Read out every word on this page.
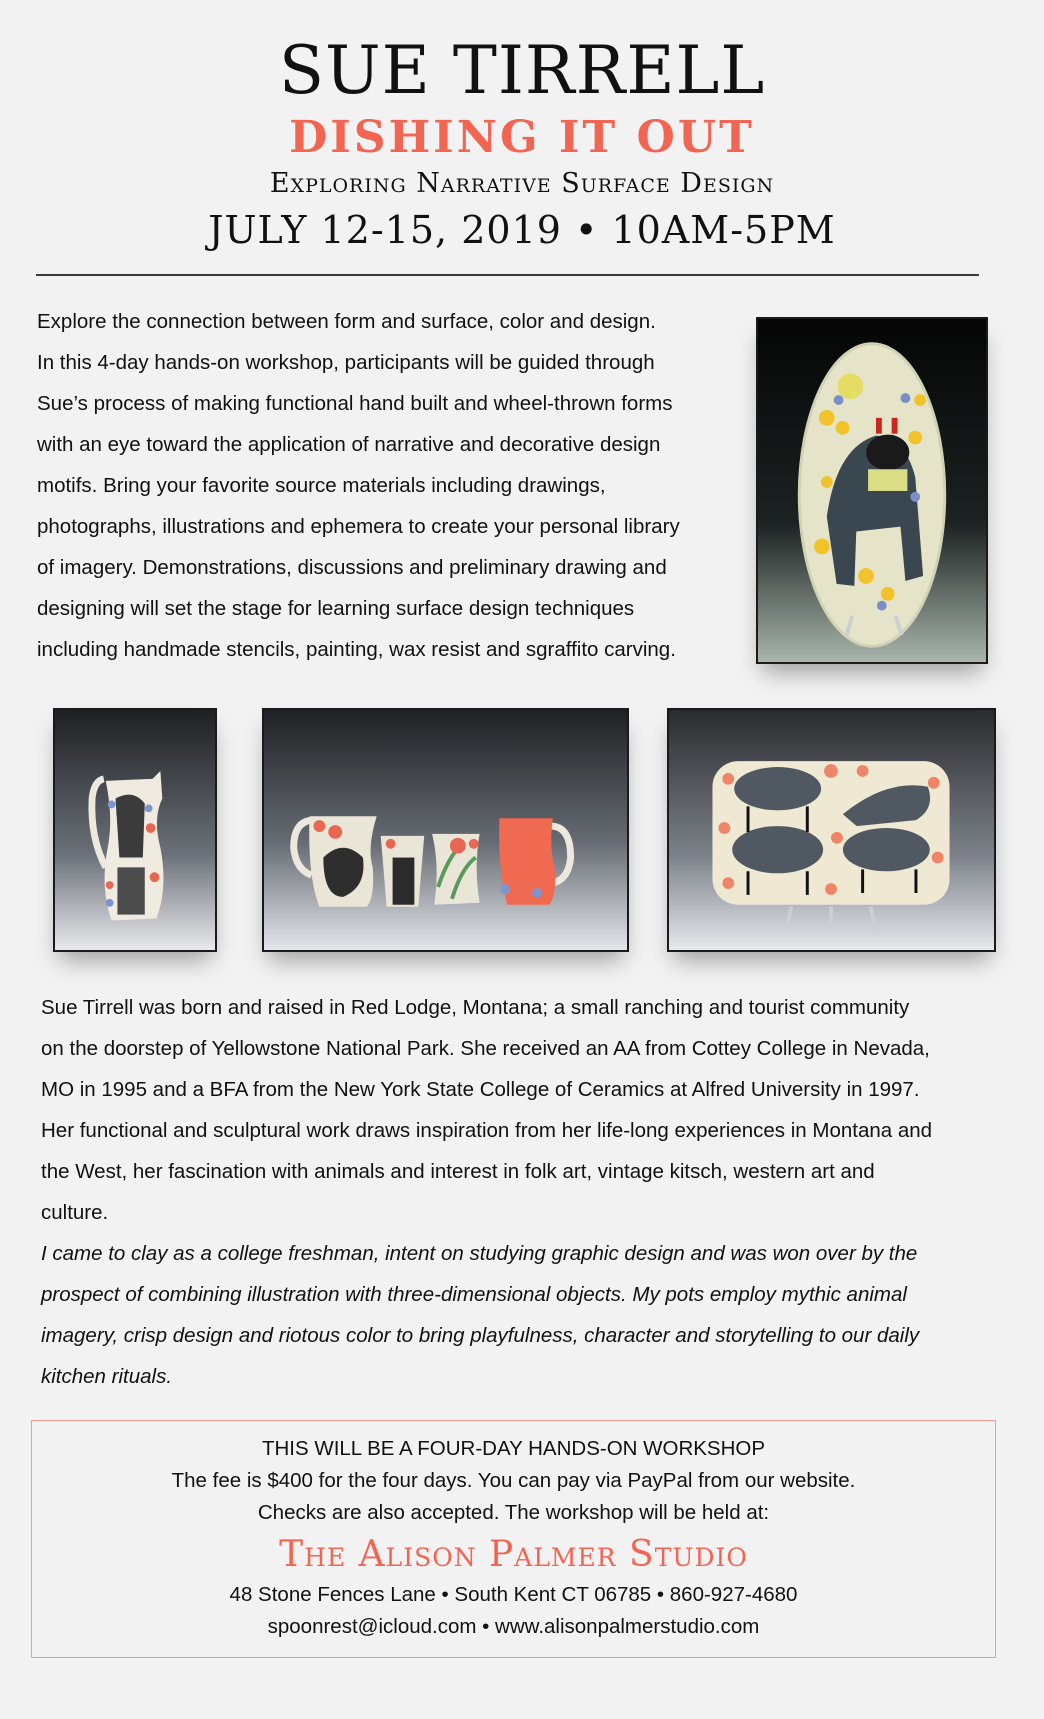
SUE TIRRELL
DISHING IT OUT
Exploring Narrative Surface Design
JULY 12-15, 2019 • 10AM-5PM

Explore the connection between form and surface, color and design.

In this 4-day hands-on workshop, participants will be guided through

Sue’s process of making functional hand built and wheel-thrown forms

with an eye toward the application of narrative and decorative design

motifs. Bring your favorite source materials including drawings,

photographs, illustrations and ephemera to create your personal library

of imagery. Demonstrations, discussions and preliminary drawing and

designing will set the stage for learning surface design techniques

including handmade stencils, painting, wax resist and sgraffito carving.

Sue Tirrell was born and raised in Red Lodge, Montana; a small ranching and tourist community

on the doorstep of Yellowstone National Park. She received an AA from Cottey College in Nevada,

MO in 1995 and a BFA from the New York State College of Ceramics at Alfred University in 1997.

Her functional and sculptural work draws inspiration from her life-long experiences in Montana and

the West, her fascination with animals and interest in folk art, vintage kitsch, western art and

culture.

I came to clay as a college freshman, intent on studying graphic design and was won over by the

prospect of combining illustration with three-dimensional objects. My pots employ mythic animal

imagery, crisp design and riotous color to bring playfulness, character and storytelling to our daily

kitchen rituals.

THIS WILL BE A FOUR-DAY HANDS-ON WORKSHOP
The fee is $400 for the four days. You can pay via PayPal from our website.
Checks are also accepted. The workshop will be held at:
The Alison Palmer Studio
48 Stone Fences Lane • South Kent CT 06785 • 860-927-4680
spoonrest@icloud.com • www.alisonpalmerstudio.com
